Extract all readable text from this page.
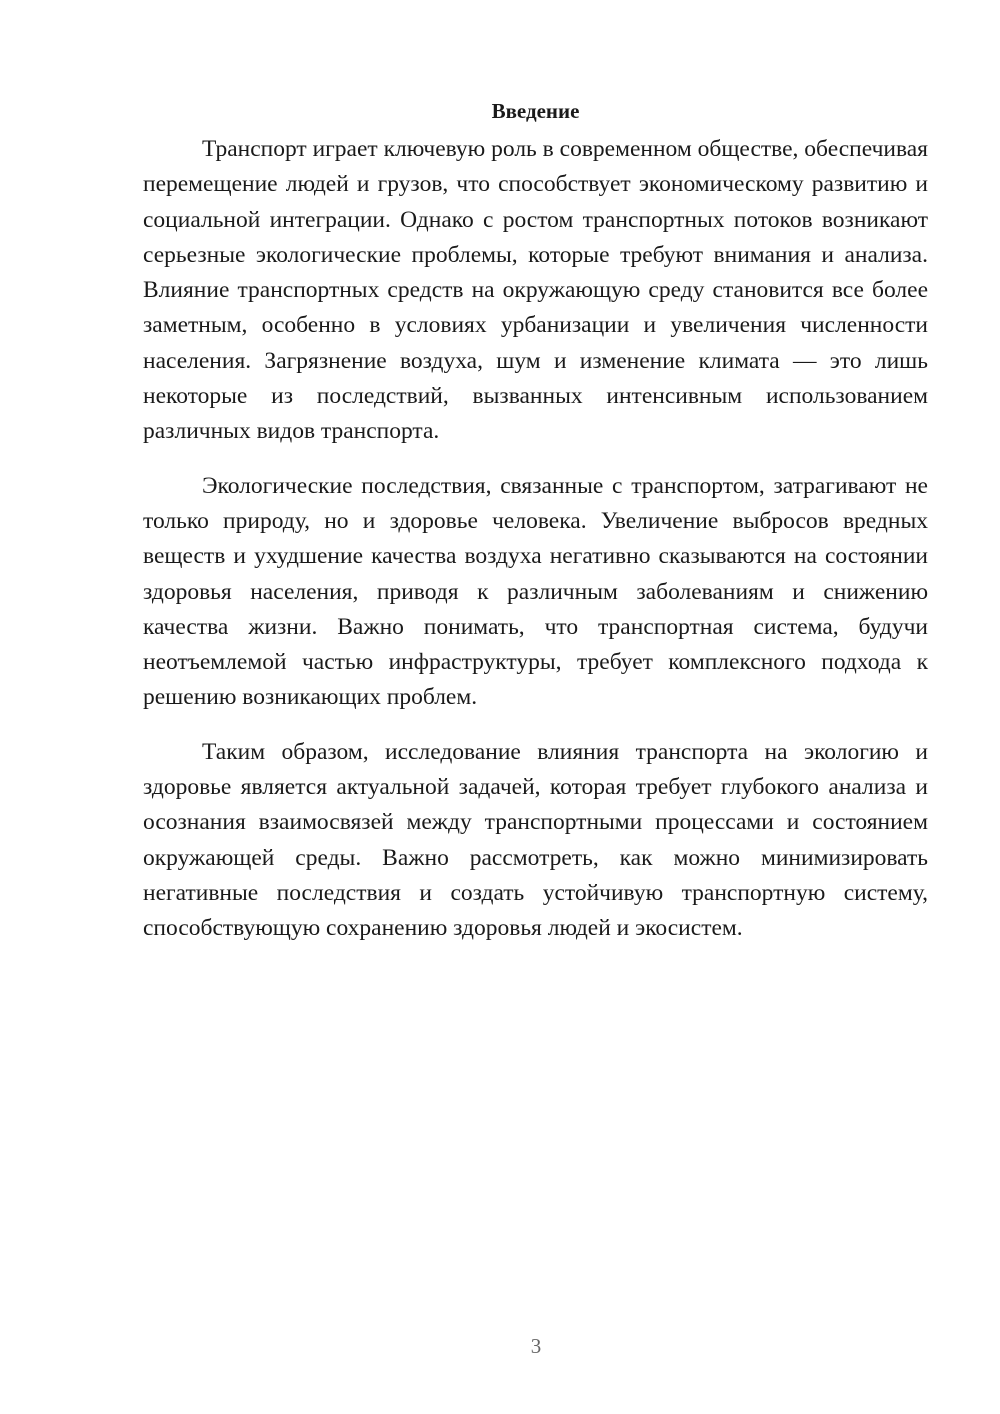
Введение

Транспорт играет ключевую роль в современном обществе, обеспечивая перемещение людей и грузов, что способствует экономическому развитию и социальной интеграции. Однако с ростом транспортных потоков возникают серьезные экологические проблемы, которые требуют внимания и анализа. Влияние транспортных средств на окружающую среду становится все более заметным, особенно в условиях урбанизации и увеличения численности населения. Загрязнение воздуха, шум и изменение климата — это лишь некоторые из последствий, вызванных интенсивным использованием различных видов транспорта.

Экологические последствия, связанные с транспортом, затрагивают не только природу, но и здоровье человека. Увеличение выбросов вредных веществ и ухудшение качества воздуха негативно сказываются на состоянии здоровья населения, приводя к различным заболеваниям и снижению качества жизни. Важно понимать, что транспортная система, будучи неотъемлемой частью инфраструктуры, требует комплексного подхода к решению возникающих проблем.

Таким образом, исследование влияния транспорта на экологию и здоровье является актуальной задачей, которая требует глубокого анализа и осознания взаимосвязей между транспортными процессами и состоянием окружающей среды. Важно рассмотреть, как можно минимизировать негативные последствия и создать устойчивую транспортную систему, способствующую сохранению здоровья людей и экосистем.

3
